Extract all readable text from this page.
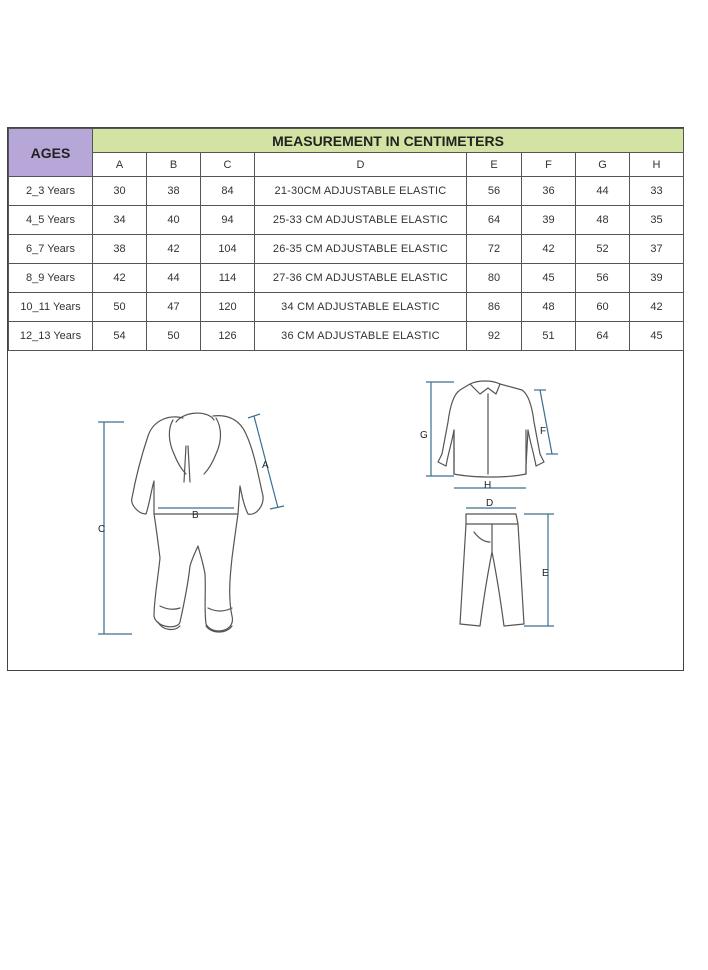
AGES	MEASUREMENT IN CENTIMETERS							
	A	B	C	D	E	F	G	H
2_3 Years	30	38	84	21-30CM ADJUSTABLE ELASTIC	56	36	44	33
4_5 Years	34	40	94	25-33 CM ADJUSTABLE ELASTIC	64	39	48	35
6_7 Years	38	42	104	26-35 CM ADJUSTABLE ELASTIC	72	42	52	37
8_9 Years	42	44	114	27-36 CM ADJUSTABLE ELASTIC	80	45	56	39
10_11 Years	50	47	120	34 CM ADJUSTABLE ELASTIC	86	48	60	42
12_13 Years	54	50	126	36 CM ADJUSTABLE ELASTIC	92	51	64	45
C
A
B
G	F
H
D
E
